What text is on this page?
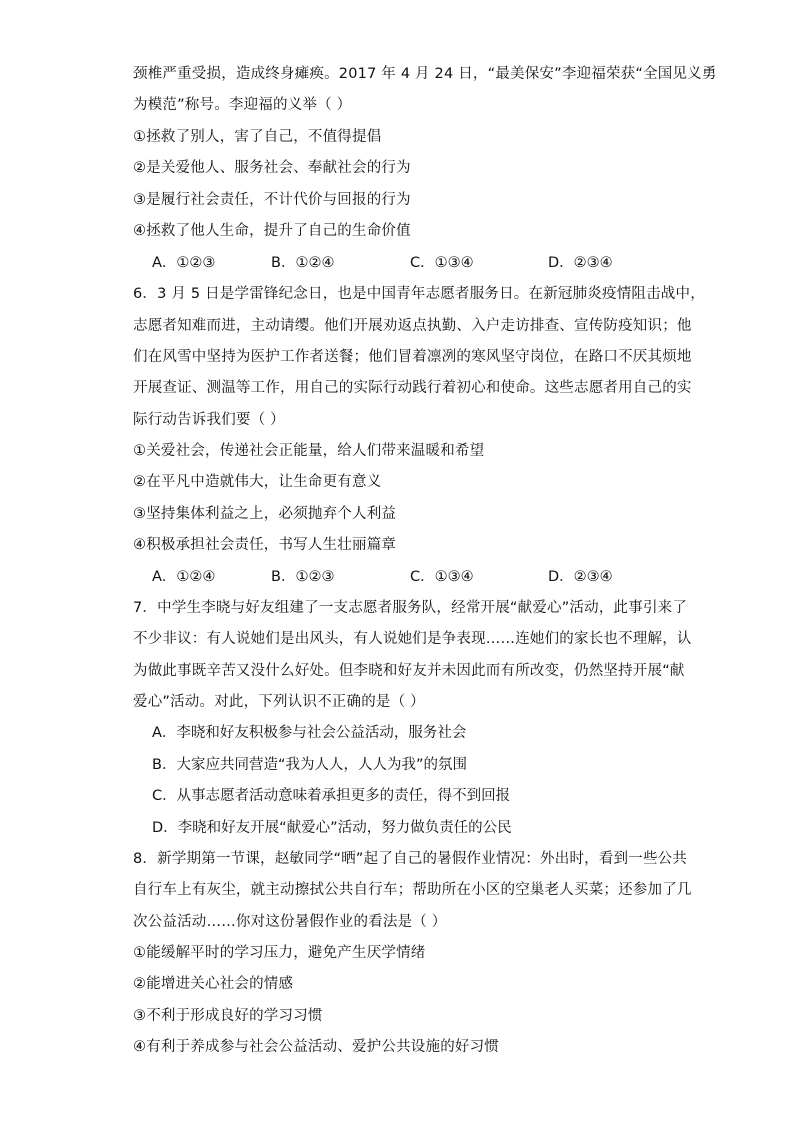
颈椎严重受损，造成终身瘫痪。2017 年 4 月 24 日，“最美保安”李迎福荣获“全国见义勇
为模范”称号。李迎福的义举（ ）
①拯救了别人，害了自己，不值得提倡
②是关爱他人、服务社会、奉献社会的行为
③是履行社会责任，不计代价与回报的行为
④拯救了他人生命，提升了自己的生命价值
A．①②③	B．①②④	C．①③④	D．②③④
6．3 月 5 日是学雷锋纪念日，也是中国青年志愿者服务日。在新冠肺炎疫情阻击战中，
志愿者知难而进，主动请缨。他们开展劝返点执勤、入户走访排查、宣传防疫知识；他
们在风雪中坚持为医护工作者送餐；他们冒着凛冽的寒风坚守岗位，在路口不厌其烦地
开展查证、测温等工作，用自己的实际行动践行着初心和使命。这些志愿者用自己的实
际行动告诉我们要（ ）
①关爱社会，传递社会正能量，给人们带来温暖和希望
②在平凡中造就伟大，让生命更有意义
③坚持集体利益之上，必须抛弃个人利益
④积极承担社会责任，书写人生壮丽篇章
A．①②④	B．①②③	C．①③④	D．②③④
7．中学生李晓与好友组建了一支志愿者服务队，经常开展“献爱心”活动，此事引来了
不少非议：有人说她们是出风头，有人说她们是争表现……连她们的家长也不理解，认
为做此事既辛苦又没什么好处。但李晓和好友并未因此而有所改变，仍然坚持开展“献
爱心”活动。对此，下列认识不正确的是（ ）
A．李晓和好友积极参与社会公益活动，服务社会
B．大家应共同营造“我为人人，人人为我”的氛围
C．从事志愿者活动意味着承担更多的责任，得不到回报
D．李晓和好友开展“献爱心”活动，努力做负责任的公民
8．新学期第一节课，赵敏同学“晒”起了自己的暑假作业情况：外出时，看到一些公共
自行车上有灰尘，就主动擦拭公共自行车；帮助所在小区的空巢老人买菜；还参加了几
次公益活动……你对这份暑假作业的看法是（ ）
①能缓解平时的学习压力，避免产生厌学情绪
②能增进关心社会的情感
③不利于形成良好的学习习惯
④有利于养成参与社会公益活动、爱护公共设施的好习惯
